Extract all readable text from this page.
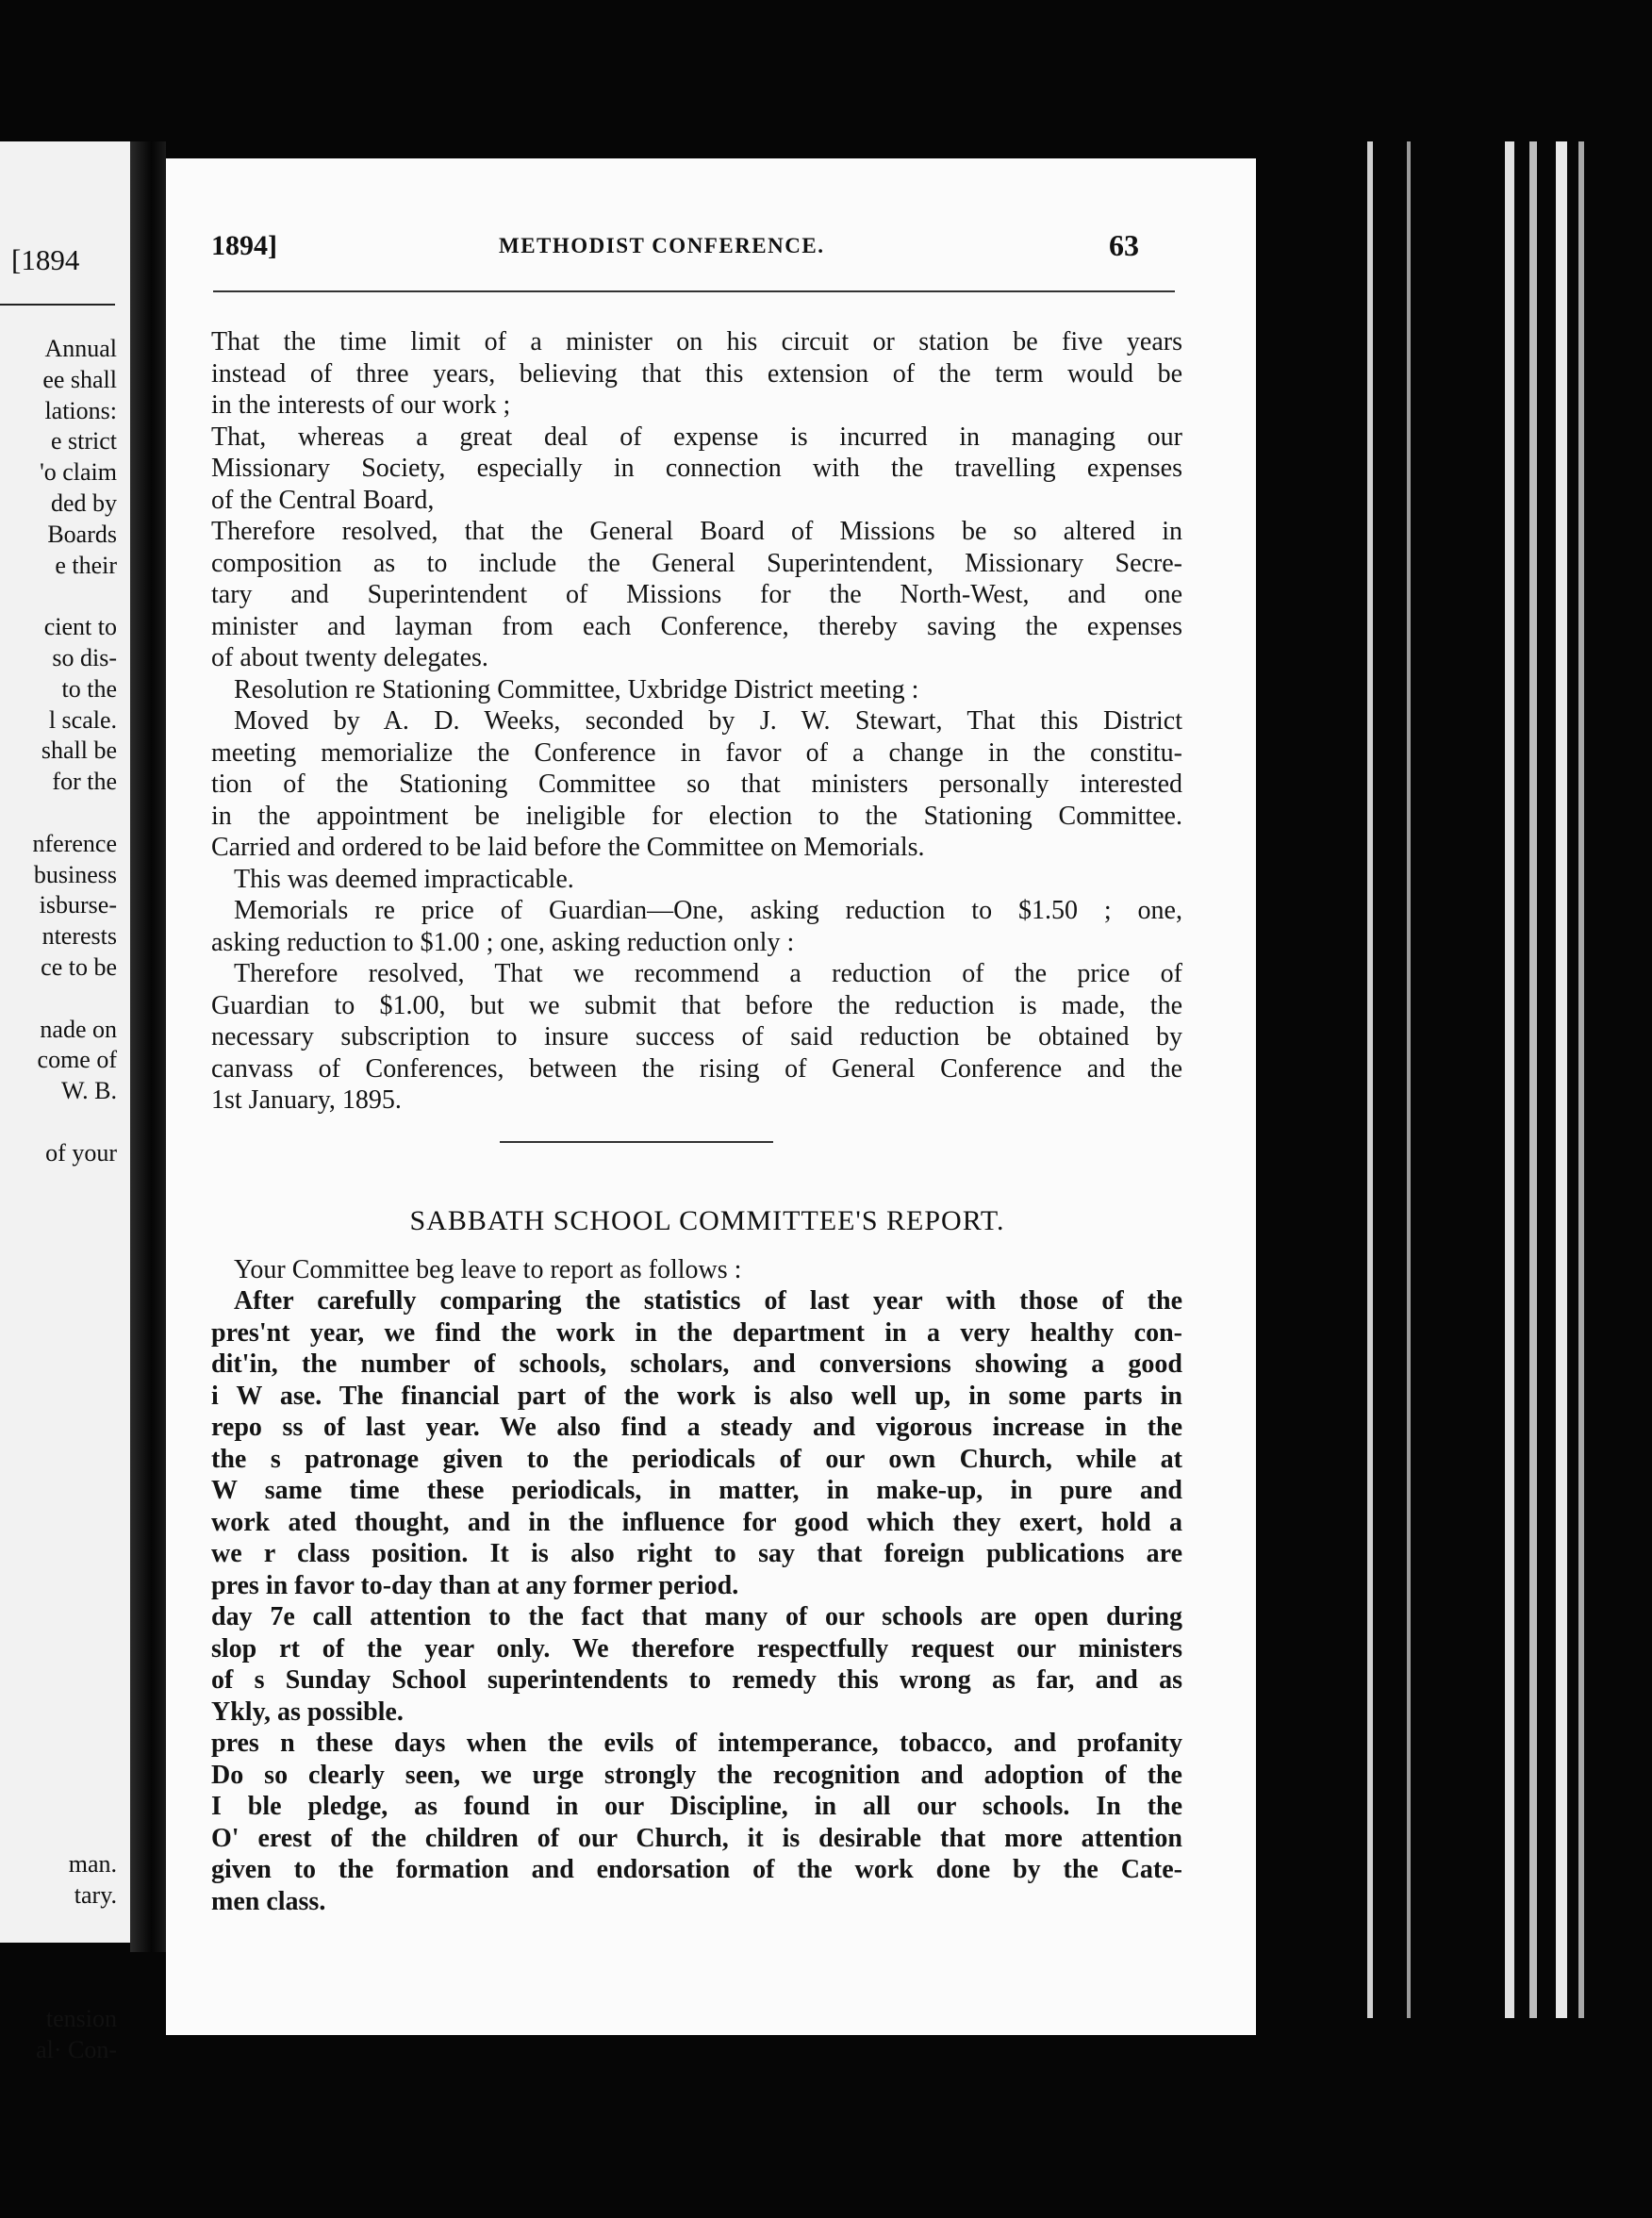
[1894
Annual
ee shall
lations:
e strict
'o claim
ded by
Boards
e their
cient to
so dis-
to the
l scale.
shall be
for the
nference
business
isburse-
nterests
ce to be
nade on
come of
W. B.
of your
man.
tary.
tension
al· Con-
1894]	METHODIST CONFERENCE.	63
That the time limit of a minister on his circuit or station be five years
instead of three years, believing that this extension of the term would be
in the interests of our work ;
That, whereas a great deal of expense is incurred in managing our
Missionary Society, especially in connection with the travelling expenses
of the Central Board,
Therefore resolved, that the General Board of Missions be so altered in
composition as to include the General Superintendent, Missionary Secre-
tary and Superintendent of Missions for the North-West, and one
minister and layman from each Conference, thereby saving the expenses
of about twenty delegates.
Resolution re Stationing Committee, Uxbridge District meeting :
Moved by A. D. Weeks, seconded by J. W. Stewart, That this District
meeting memorialize the Conference in favor of a change in the constitu-
tion of the Stationing Committee so that ministers personally interested
in the appointment be ineligible for election to the Stationing Committee.
Carried and ordered to be laid before the Committee on Memorials.
This was deemed impracticable.
Memorials re price of Guardian—One, asking reduction to $1.50 ; one,
asking reduction to $1.00 ; one, asking reduction only :
Therefore resolved, That we recommend a reduction of the price of
Guardian to $1.00, but we submit that before the reduction is made, the
necessary subscription to insure success of said reduction be obtained by
canvass of Conferences, between the rising of General Conference and the
1st January, 1895.
SABBATH SCHOOL COMMITTEE'S REPORT.
Your Committee beg leave to report as follows :
After carefully comparing the statistics of last year with those of the
pres'nt year, we find the work in the department in a very healthy con-
dit'in, the number of schools, scholars, and conversions showing a good
i W ase. The financial part of the work is also well up, in some parts in
repo ss of last year. We also find a steady and vigorous increase in the
the s patronage given to the periodicals of our own Church, while at
W same time these periodicals, in matter, in make-up, in pure and
work ated thought, and in the influence for good which they exert, hold a
we r class position. It is also right to say that foreign publications are
pres in favor to-day than at any former period.
day 7e call attention to the fact that many of our schools are open during
slop rt of the year only. We therefore respectfully request our ministers
of s Sunday School superintendents to remedy this wrong as far, and as
Ykly, as possible.
pres n these days when the evils of intemperance, tobacco, and profanity
Do so clearly seen, we urge strongly the recognition and adoption of the
I ble pledge, as found in our Discipline, in all our schools. In the
O' erest of the children of our Church, it is desirable that more attention
given to the formation and endorsation of the work done by the Cate-
men class.
